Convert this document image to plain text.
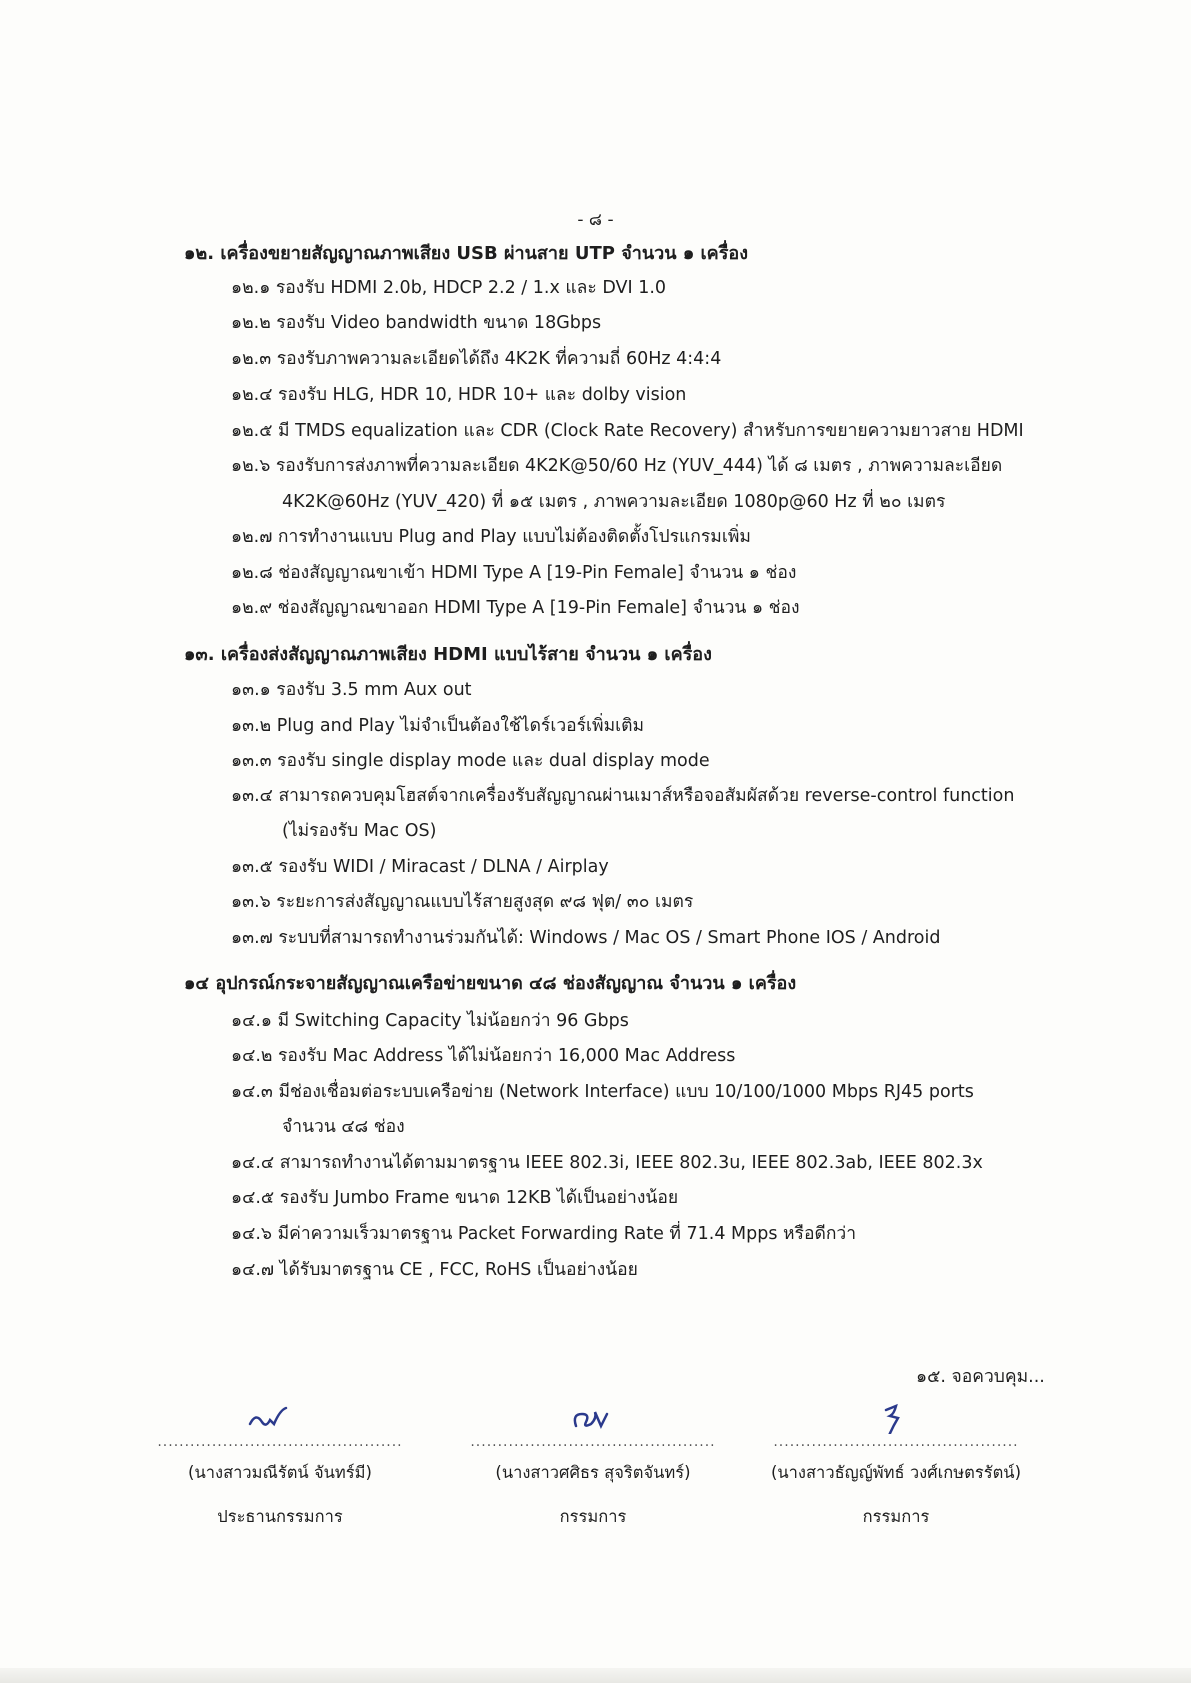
- ๘ -
๑๒. เครื่องขยายสัญญาณภาพเสียง USB ผ่านสาย UTP จำนวน ๑ เครื่อง
๑๒.๑ รองรับ HDMI 2.0b, HDCP 2.2 / 1.x และ DVI 1.0
๑๒.๒ รองรับ Video bandwidth ขนาด 18Gbps
๑๒.๓ รองรับภาพความละเอียดได้ถึง 4K2K ที่ความถี่ 60Hz 4:4:4
๑๒.๔ รองรับ HLG, HDR 10, HDR 10+ และ dolby vision
๑๒.๕ มี TMDS equalization และ CDR (Clock Rate Recovery) สำหรับการขยายความยาวสาย HDMI
๑๒.๖ รองรับการส่งภาพที่ความละเอียด 4K2K@50/60 Hz (YUV_444) ได้ ๘ เมตร , ภาพความละเอียด
4K2K@60Hz (YUV_420) ที่ ๑๕ เมตร , ภาพความละเอียด 1080p@60 Hz ที่ ๒๐ เมตร
๑๒.๗ การทำงานแบบ Plug and Play แบบไม่ต้องติดตั้งโปรแกรมเพิ่ม
๑๒.๘ ช่องสัญญาณขาเข้า HDMI Type A [19-Pin Female] จำนวน ๑ ช่อง
๑๒.๙ ช่องสัญญาณขาออก HDMI Type A [19-Pin Female] จำนวน ๑ ช่อง
๑๓. เครื่องส่งสัญญาณภาพเสียง HDMI แบบไร้สาย จำนวน ๑ เครื่อง
๑๓.๑ รองรับ 3.5 mm Aux out
๑๓.๒ Plug and Play ไม่จำเป็นต้องใช้ไดร์เวอร์เพิ่มเติม
๑๓.๓ รองรับ single display mode และ dual display mode
๑๓.๔ สามารถควบคุมโฮสต์จากเครื่องรับสัญญาณผ่านเมาส์หรือจอสัมผัสด้วย reverse-control function
(ไม่รองรับ Mac OS)
๑๓.๕ รองรับ WIDI / Miracast / DLNA / Airplay
๑๓.๖ ระยะการส่งสัญญาณแบบไร้สายสูงสุด ๙๘ ฟุต/ ๓๐ เมตร
๑๓.๗ ระบบที่สามารถทำงานร่วมกันได้: Windows / Mac OS / Smart Phone IOS / Android
๑๔ อุปกรณ์กระจายสัญญาณเครือข่ายขนาด ๔๘ ช่องสัญญาณ จำนวน ๑ เครื่อง
๑๔.๑ มี Switching Capacity ไม่น้อยกว่า 96 Gbps
๑๔.๒ รองรับ Mac Address ได้ไม่น้อยกว่า 16,000 Mac Address
๑๔.๓ มีช่องเชื่อมต่อระบบเครือข่าย (Network Interface) แบบ 10/100/1000 Mbps RJ45 ports
จำนวน ๔๘ ช่อง
๑๔.๔ สามารถทำงานได้ตามมาตรฐาน IEEE 802.3i, IEEE 802.3u, IEEE 802.3ab, IEEE 802.3x
๑๔.๕ รองรับ Jumbo Frame ขนาด 12KB ได้เป็นอย่างน้อย
๑๔.๖ มีค่าความเร็วมาตรฐาน Packet Forwarding Rate ที่ 71.4 Mpps หรือดีกว่า
๑๔.๗ ได้รับมาตรฐาน CE , FCC, RoHS เป็นอย่างน้อย
๑๕. จอควบคุม...
.............................................
(นางสาวมณีรัตน์ จันทร์มี)
ประธานกรรมการ
.............................................
(นางสาวศศิธร สุจริตจันทร์)
กรรมการ
.............................................
(นางสาวธัญญ์พัทธ์ วงศ์เกษตรรัตน์)
กรรมการ
